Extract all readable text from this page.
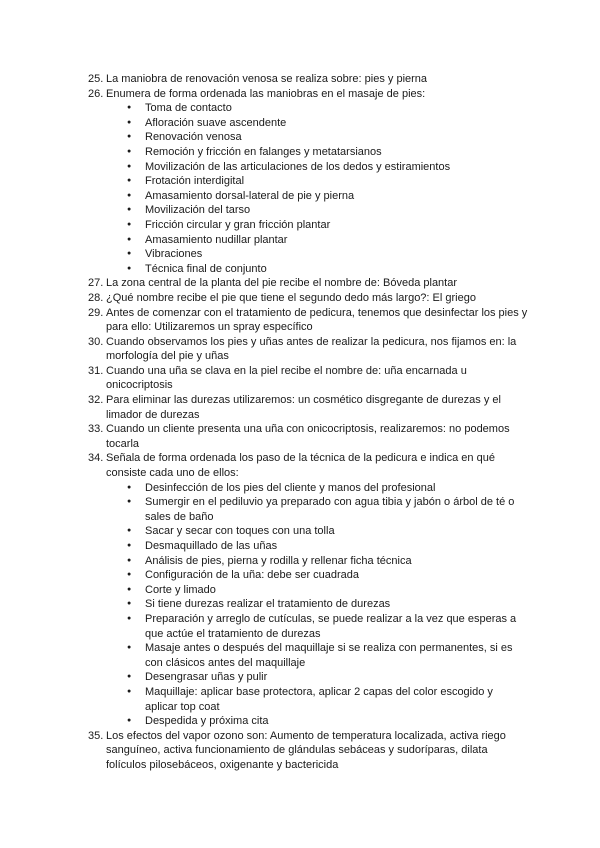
25. La maniobra de renovación venosa se realiza sobre: pies y pierna
26. Enumera de forma ordenada las maniobras en el masaje de pies:
● Toma de contacto
● Afloración suave ascendente
● Renovación venosa
● Remoción y fricción en falanges y metatarsianos
● Movilización de las articulaciones de los dedos y estiramientos
● Frotación interdigital
● Amasamiento dorsal-lateral de pie y pierna
● Movilización del tarso
● Fricción circular y gran fricción plantar
● Amasamiento nudillar plantar
● Vibraciones
● Técnica final de conjunto
27. La zona central de la planta del pie recibe el nombre de: Bóveda plantar
28. ¿Qué nombre recibe el pie que tiene el segundo dedo más largo?: El griego
29. Antes de comenzar con el tratamiento de pedicura, tenemos que desinfectar los pies y para ello: Utilizaremos un spray específico
30. Cuando observamos los pies y uñas antes de realizar la pedicura, nos fijamos en: la morfología del pie y uñas
31. Cuando una uña se clava en la piel recibe el nombre de: uña encarnada u onicocriptosis
32. Para eliminar las durezas utilizaremos: un cosmético disgregante de durezas y el limador de durezas
33. Cuando un cliente presenta una uña con onicocriptosis, realizaremos: no podemos tocarla
34. Señala de forma ordenada los paso de la técnica de la pedicura e indica en qué consiste cada uno de ellos:
● Desinfección de los pies del cliente y manos del profesional
● Sumergir en el pediluvio ya preparado con agua tibia y jabón o árbol de té o sales de baño
● Sacar y secar con toques con una tolla
● Desmaquillado de las uñas
● Análisis de pies, pierna y rodilla y rellenar ficha técnica
● Configuración de la uña: debe ser cuadrada
● Corte y limado
● Si tiene durezas realizar el tratamiento de durezas
● Preparación y arreglo de cutículas, se puede realizar a la vez que esperas a que actúe el tratamiento de durezas
● Masaje antes o después del maquillaje si se realiza con permanentes, si es con clásicos antes del maquillaje
● Desengrasar uñas y pulir
● Maquillaje: aplicar base protectora, aplicar 2 capas del color escogido y aplicar top coat
● Despedida y próxima cita
35. Los efectos del vapor ozono son: Aumento de temperatura localizada, activa riego sanguíneo, activa funcionamiento de glándulas sebáceas y sudoríparas, dilata folículos pilosebáceos, oxigenante y bactericida
